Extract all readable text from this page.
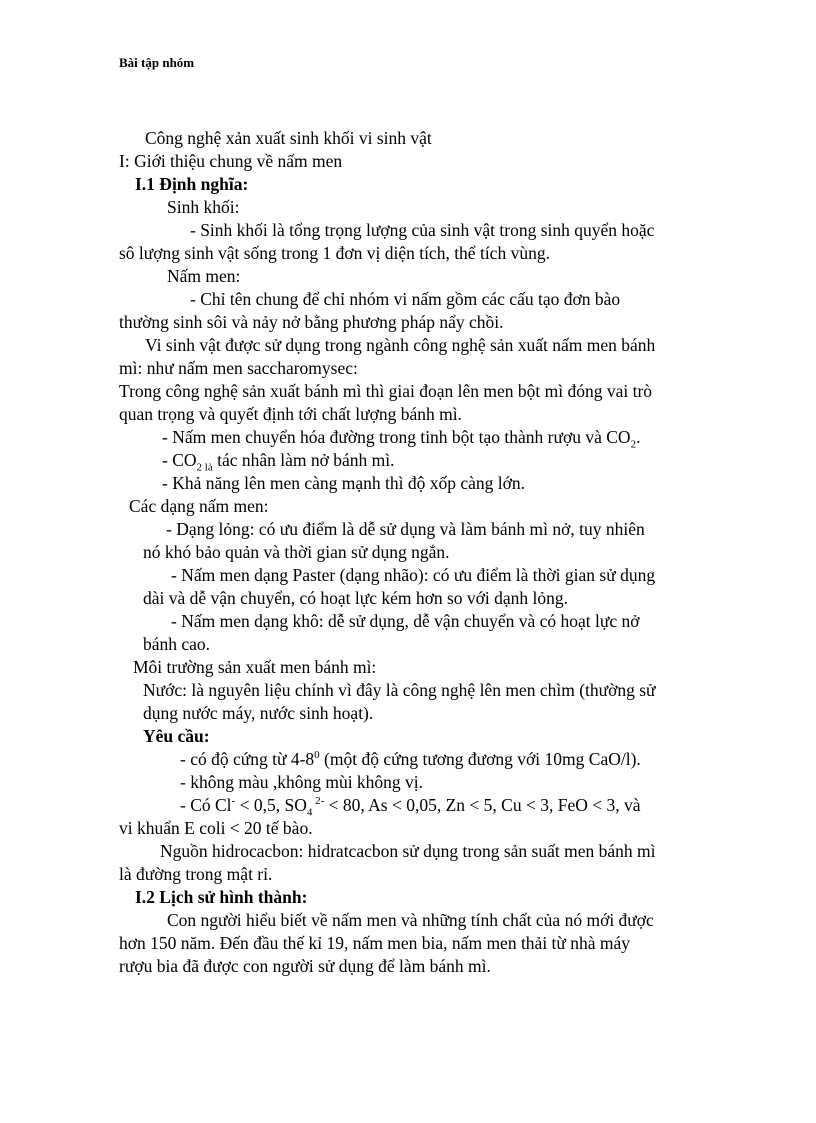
Bài tập nhóm

Công nghệ xản xuất sinh khối vi sinh vật

I: Giới thiệu chung về nấm men

I.1 Định nghĩa:

Sinh khối:

- Sinh khối là tổng trọng lượng của sinh vật trong sinh quyển hoặc

sô lượng sinh vật sống trong 1 đơn vị diện tích, thể tích vùng.

Nấm men:

- Chỉ tên chung để chỉ nhóm vi nấm gồm các cấu tạo đơn bào

thường sinh sôi và nảy nở bằng phương pháp nẩy chồi.

Vi sinh vật được sử dụng trong ngành công nghệ sản xuất nấm men bánh

mì: như nấm men saccharomysec:

Trong công nghệ sản xuất bánh mì thì giai đoạn lên men bột mì đóng vai trò

quan trọng và quyết định tới chất lượng bánh mì.

- Nấm men chuyển hóa đường trong tinh bột tạo thành rượu và $CO_2$.

- $CO_{2 là}$ tác nhân làm nở bánh mì.

- Khả năng lên men càng mạnh thì độ xốp càng lớn.

Các dạng nấm men:

- Dạng lỏng: có ưu điểm là dễ sử dụng và làm bánh mì nở, tuy nhiên

nó khó bảo quản và thời gian sử dụng ngắn.

- Nấm men dạng Paster (dạng nhão): có ưu điểm là thời gian sử dụng

dài và dễ vận chuyển, có hoạt lực kém hơn so với dạnh lỏng.

- Nấm men dạng khô: dễ sử dụng, dễ vận chuyển và có hoạt lực nở

bánh cao.

Môi trường sản xuất men bánh mì:

Nước: là nguyên liệu chính vì đây là công nghệ lên men chìm (thường sử

dụng nước máy, nước sinh hoạt).

Yêu cầu:

- có độ cứng từ $4-8^0$ (một độ cứng tương đương với 10mg CaO/l).

- không màu ,không mùi không vị.

- Có Cl- < 0,5, $SO_4$ $^{2-}$ < 80, As < 0,05, Zn < 5, Cu < 3, FeO < 3, và

vi khuẩn E coli < 20 tế bào.

Nguồn hidrocacbon: hidratcacbon sử dụng trong sản suất men bánh mì

là đường trong mật rỉ.

I.2 Lịch sử hình thành:

Con người hiểu biết về nấm men và những tính chất của nó mới được

hơn 150 năm. Đến đầu thế kỉ 19, nấm men bia, nấm men thải từ nhà máy

rượu bia đã được con người sử dụng để làm bánh mì.
